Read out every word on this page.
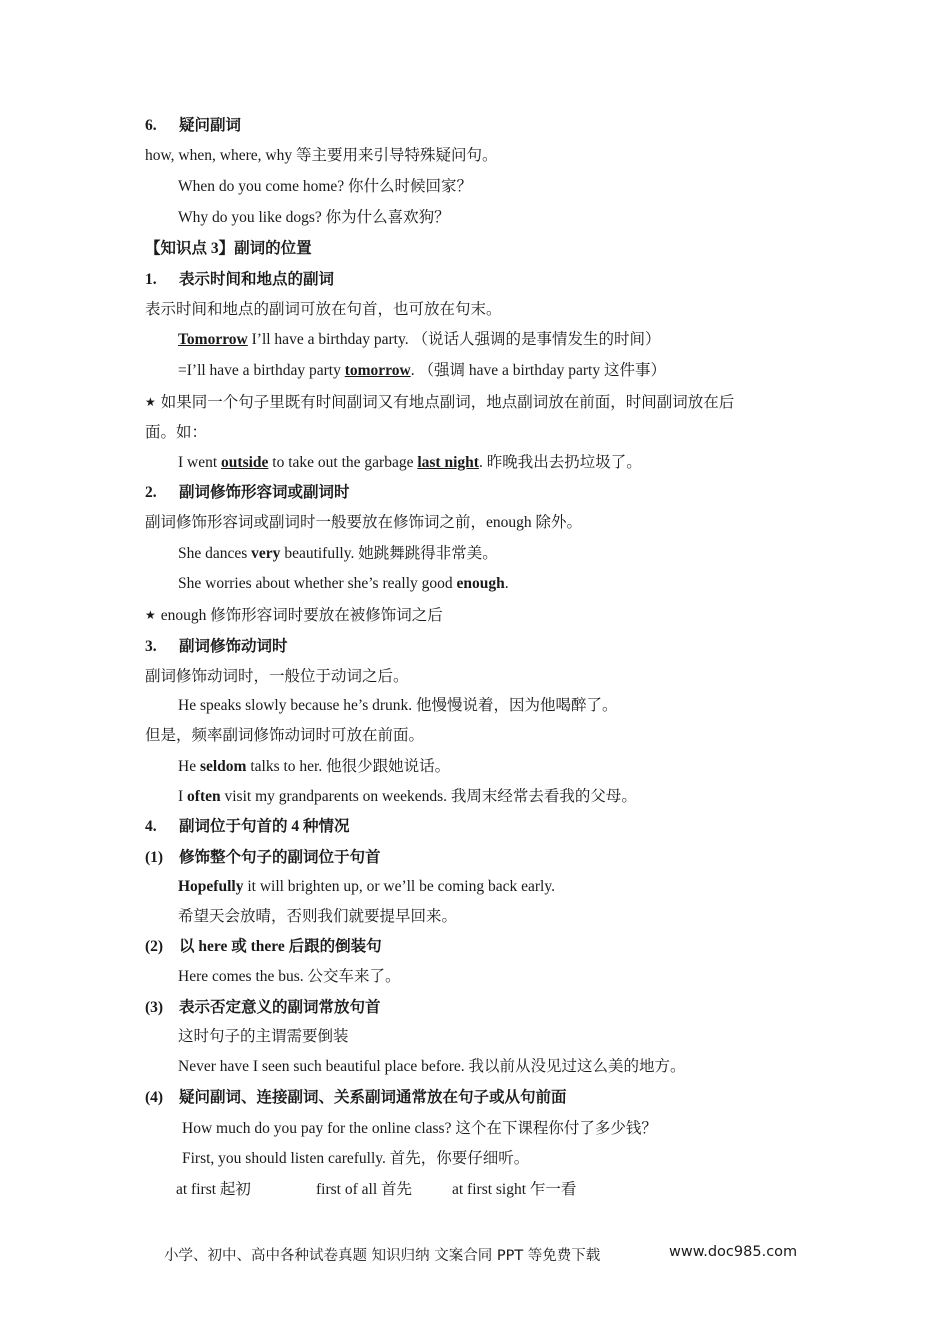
6. 疑问副词
how, when, where, why 等主要用来引导特殊疑问句。
When do you come home? 你什么时候回家？
Why do you like dogs? 你为什么喜欢狗？
【知识点 3】副词的位置
1. 表示时间和地点的副词
表示时间和地点的副词可放在句首，也可放在句末。
Tomorrow I’ll have a birthday party. （说话人强调的是事情发生的时间）
=I’ll have a birthday party tomorrow. （强调 have a birthday party 这件事）
★ 如果同一个句子里既有时间副词又有地点副词，地点副词放在前面，时间副词放在后
面。如：
I went outside to take out the garbage last night. 昨晚我出去扔垃圾了。
2. 副词修饰形容词或副词时
副词修饰形容词或副词时一般要放在修饰词之前，enough 除外。
She dances very beautifully. 她跳舞跳得非常美。
She worries about whether she’s really good enough.
★ enough 修饰形容词时要放在被修饰词之后
3. 副词修饰动词时
副词修饰动词时，一般位于动词之后。
He speaks slowly because he’s drunk. 他慢慢说着，因为他喝醉了。
但是，频率副词修饰动词时可放在前面。
He seldom talks to her. 他很少跟她说话。
I often visit my grandparents on weekends. 我周末经常去看我的父母。
4. 副词位于句首的 4 种情况
(1) 修饰整个句子的副词位于句首
Hopefully it will brighten up, or we’ll be coming back early.
希望天会放晴，否则我们就要提早回来。
(2) 以 here 或 there 后跟的倒装句
Here comes the bus. 公交车来了。
(3) 表示否定意义的副词常放句首
这时句子的主谓需要倒装
Never have I seen such beautiful place before. 我以前从没见过这么美的地方。
(4) 疑问副词、连接副词、关系副词通常放在句子或从句前面
How much do you pay for the online class? 这个在下课程你付了多少钱？
First, you should listen carefully. 首先，你要仔细听。
at first 起初	first of all 首先	at first sight 乍一看
小学、初中、高中各种试卷真题 知识归纳 文案合同 PPT 等免费下载	www.doc985.com
